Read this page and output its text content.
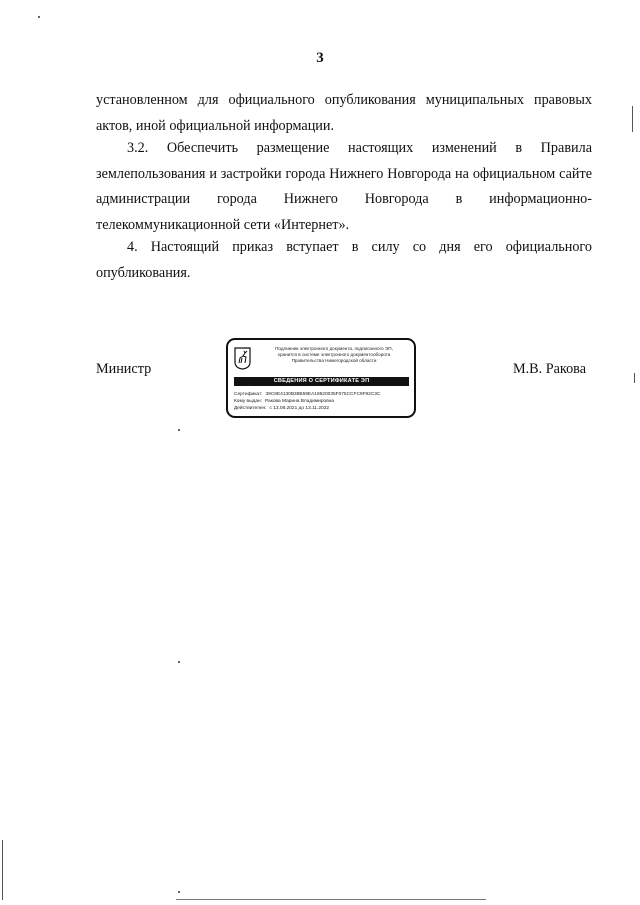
3

установленном для официального опубликования муниципальных правовых
актов, иной официальной информации.

3.2. Обеспечить размещение настоящих изменений в Правила
землепользования и застройки города Нижнего Новгорода на официальном сайте
администрации города Нижнего Новгорода в информационно-
телекоммуникационной сети «Интернет».

4. Настоящий приказ вступает в силу со дня его официального
опубликования.

Министр	М.В. Ракова
Подлинник электронного документа, подписанного ЭП,
хранится в системе электронного документооборота
Правительства Нижегородской области
СВЕДЕНИЯ О СЕРТИФИКАТЕ ЭП
Сертификат: 39C8E4130B38B59EA18520035F075CCFC9F92C3C
Кому выдан: Ракова Марина Владимировна
Действителен: с 13.08.2021 до 13.11.2022
